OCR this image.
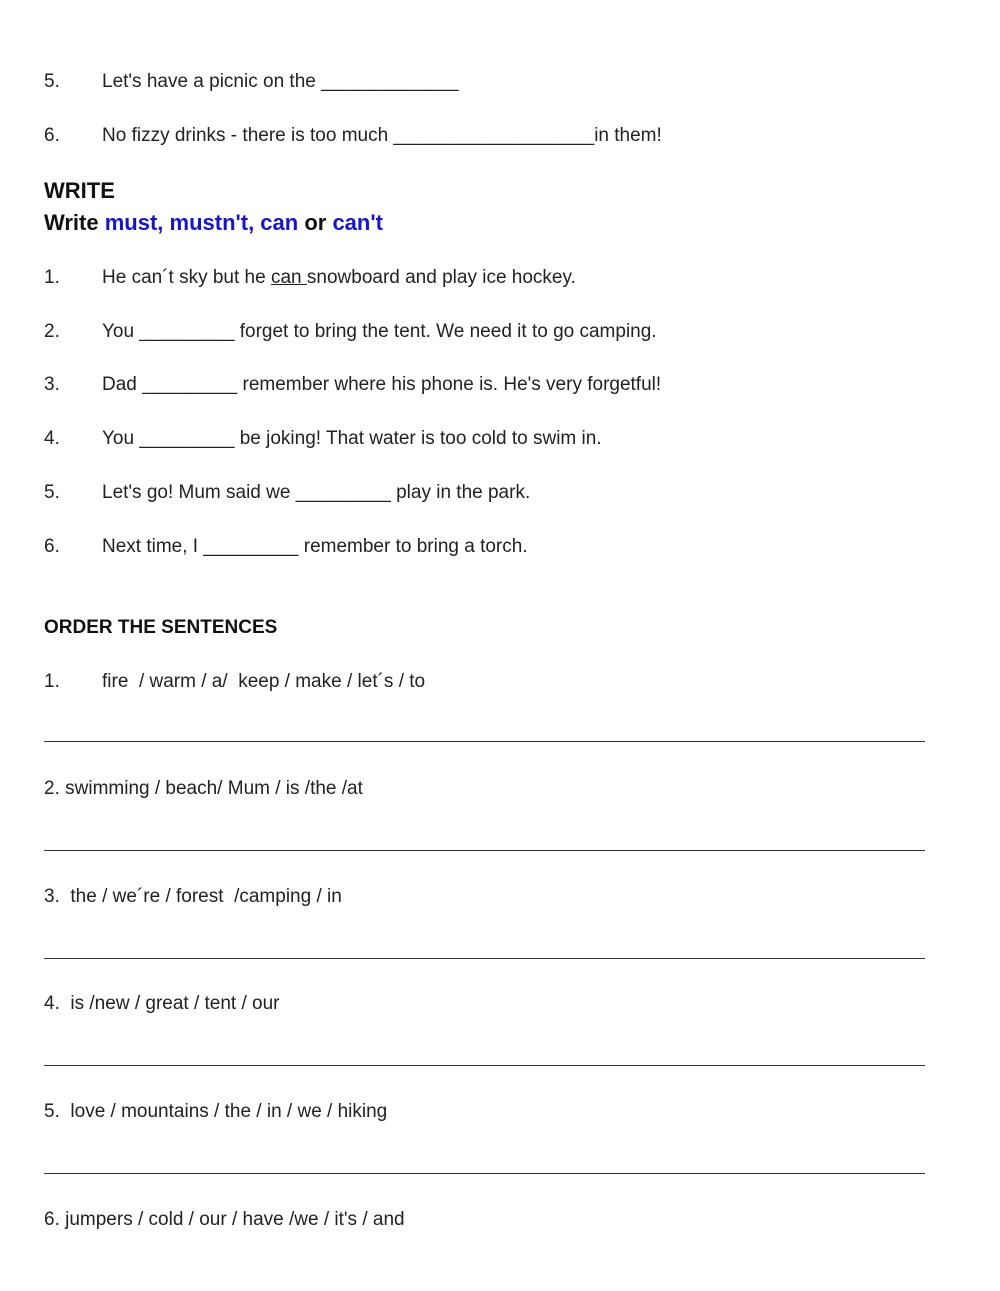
5. Let's have a picnic on the _____________
6. No fizzy drinks - there is too much ___________________in them!
WRITE
Write must, mustn't, can or can't
1. He can´t sky but he can snowboard and play ice hockey.
2. You _________ forget to bring the tent. We need it to go camping.
3. Dad _________ remember where his phone is. He's very forgetful!
4. You _________ be joking! That water is too cold to swim in.
5. Let's go! Mum said we _________ play in the park.
6. Next time, I _________ remember to bring a torch.
ORDER THE SENTENCES
1. fire  / warm / a/  keep / make / let´s / to
2. swimming / beach/ Mum / is /the /at
3.  the / we´re / forest  /camping / in
4.  is /new / great / tent / our
5.  love / mountains / the / in / we / hiking
6. jumpers / cold / our / have /we / it's / and
